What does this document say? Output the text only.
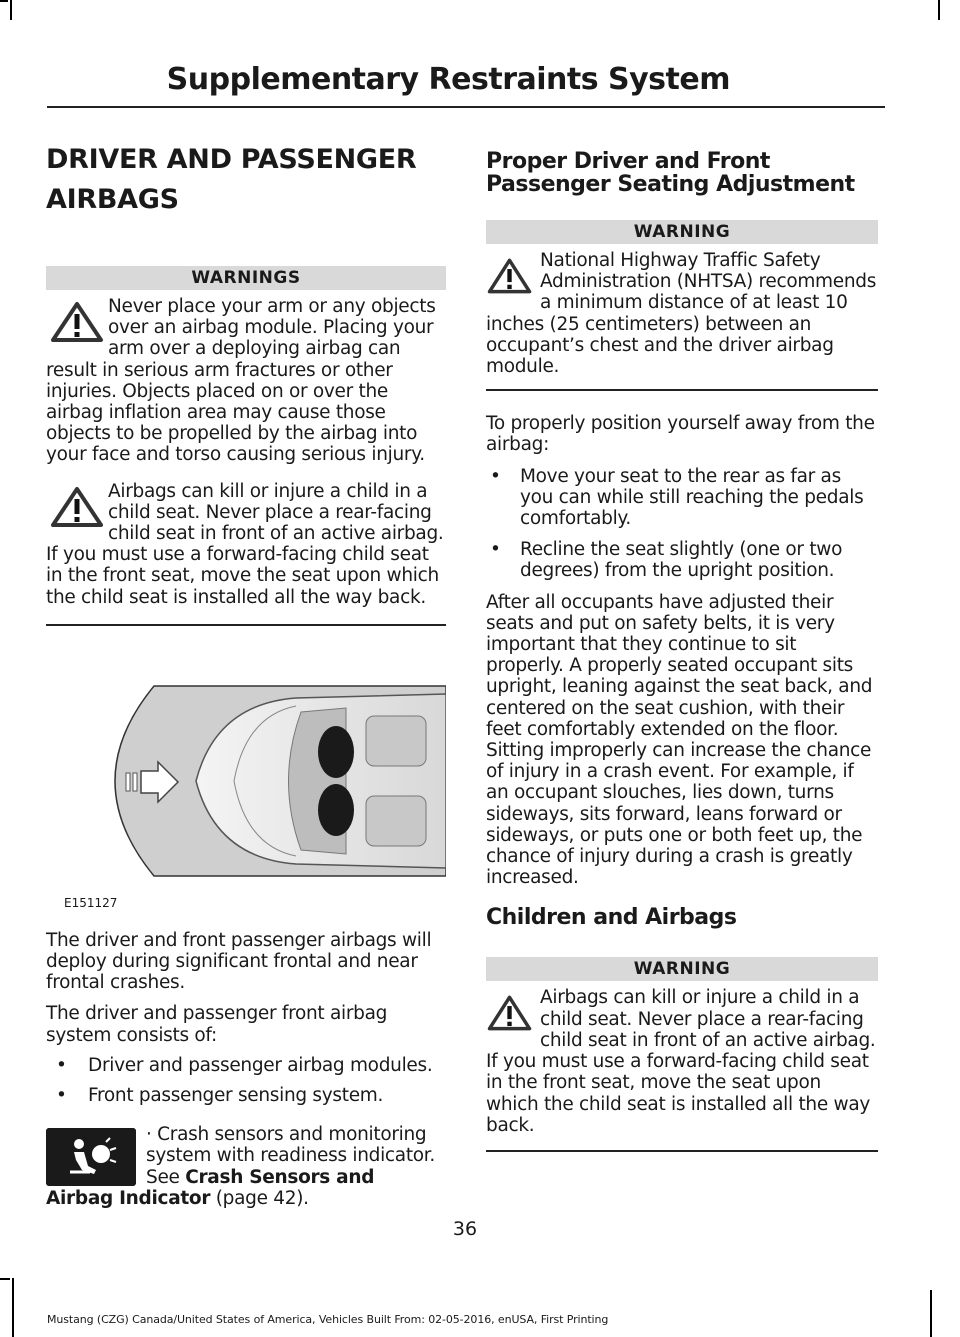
Supplementary Restraints System
DRIVER AND PASSENGER
AIRBAGS
WARNINGS

Never place your arm or any objects over an airbag module. Placing your arm over a deploying airbag can result in serious arm fractures or other injuries. Objects placed on or over the airbag inflation area may cause those objects to be propelled by the airbag into your face and torso causing serious injury.

Airbags can kill or injure a child in a child seat. Never place a rear-facing child seat in front of an active airbag. If you must use a forward-facing child seat in the front seat, move the seat upon which the child seat is installed all the way back.

E151127

The driver and front passenger airbags will deploy during significant frontal and near frontal crashes.

The driver and passenger front airbag system consists of:

• Driver and passenger airbag modules.
• Front passenger sensing system.

· Crash sensors and monitoring system with readiness indicator. See Crash Sensors and Airbag Indicator (page 42).

Proper Driver and Front Passenger Seating Adjustment
WARNING

National Highway Traffic Safety Administration (NHTSA) recommends a minimum distance of at least 10 inches (25 centimeters) between an occupant’s chest and the driver airbag module.

To properly position yourself away from the airbag:

• Move your seat to the rear as far as you can while still reaching the pedals comfortably.
• Recline the seat slightly (one or two degrees) from the upright position.

After all occupants have adjusted their seats and put on safety belts, it is very important that they continue to sit properly. A properly seated occupant sits upright, leaning against the seat back, and centered on the seat cushion, with their feet comfortably extended on the floor. Sitting improperly can increase the chance of injury in a crash event. For example, if an occupant slouches, lies down, turns sideways, sits forward, leans forward or sideways, or puts one or both feet up, the chance of injury during a crash is greatly increased.

Children and Airbags
WARNING

Airbags can kill or injure a child in a child seat. Never place a rear-facing child seat in front of an active airbag. If you must use a forward-facing child seat in the front seat, move the seat upon which the child seat is installed all the way back.

36
Mustang (CZG) Canada/United States of America, Vehicles Built From: 02-05-2016, enUSA, First Printing
